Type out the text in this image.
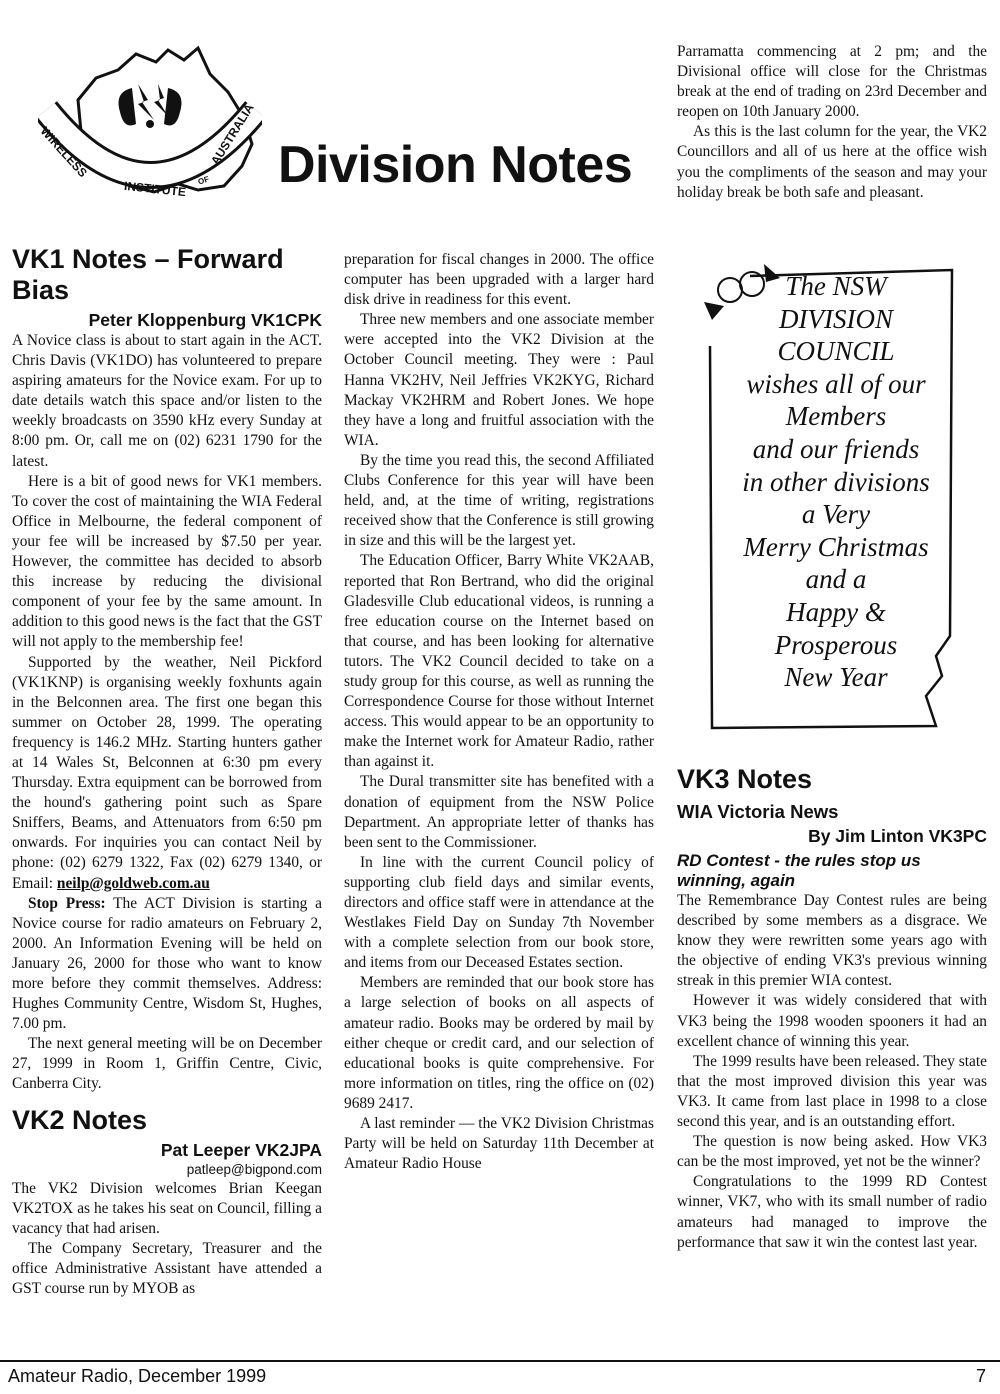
WIRELESS
INSTITUTE OF
AUSTRALIA Division Notes
VK1 Notes – Forward Bias

Peter Kloppenburg VK1CPK

A Novice class is about to start again in the ACT. Chris Davis (VK1DO) has volunteered to prepare aspiring amateurs for the Novice exam. For up to date details watch this space and/or listen to the weekly broadcasts on 3590 kHz every Sunday at 8:00 pm. Or, call me on (02) 6231 1790 for the latest.

Here is a bit of good news for VK1 members. To cover the cost of maintaining the WIA Federal Office in Melbourne, the federal component of your fee will be increased by $7.50 per year. However, the committee has decided to absorb this increase by reducing the divisional component of your fee by the same amount. In addition to this good news is the fact that the GST will not apply to the membership fee!

Supported by the weather, Neil Pickford (VK1KNP) is organising weekly foxhunts again in the Belconnen area. The first one began this summer on October 28, 1999. The operating frequency is 146.2 MHz. Starting hunters gather at 14 Wales St, Belconnen at 6:30 pm every Thursday. Extra equipment can be borrowed from the hound's gathering point such as Spare Sniffers, Beams, and Attenuators from 6:50 pm onwards. For inquiries you can contact Neil by phone: (02) 6279 1322, Fax (02) 6279 1340, or Email: neilp@goldweb.com.au

Stop Press: The ACT Division is starting a Novice course for radio amateurs on February 2, 2000. An Information Evening will be held on January 26, 2000 for those who want to know more before they commit themselves. Address: Hughes Community Centre, Wisdom St, Hughes, 7.00 pm.

The next general meeting will be on December 27, 1999 in Room 1, Griffin Centre, Civic, Canberra City.

VK2 Notes

Pat Leeper VK2JPA

patleep@bigpond.com

The VK2 Division welcomes Brian Keegan VK2TOX as he takes his seat on Council, filling a vacancy that had arisen.

The Company Secretary, Treasurer and the office Administrative Assistant have attended a GST course run by MYOB as

preparation for fiscal changes in 2000. The office computer has been upgraded with a larger hard disk drive in readiness for this event.

Three new members and one associate member were accepted into the VK2 Division at the October Council meeting. They were : Paul Hanna VK2HV, Neil Jeffries VK2KYG, Richard Mackay VK2HRM and Robert Jones. We hope they have a long and fruitful association with the WIA.

By the time you read this, the second Affiliated Clubs Conference for this year will have been held, and, at the time of writing, registrations received show that the Conference is still growing in size and this will be the largest yet.

The Education Officer, Barry White VK2AAB, reported that Ron Bertrand, who did the original Gladesville Club educational videos, is running a free education course on the Internet based on that course, and has been looking for alternative tutors. The VK2 Council decided to take on a study group for this course, as well as running the Correspondence Course for those without Internet access. This would appear to be an opportunity to make the Internet work for Amateur Radio, rather than against it.

The Dural transmitter site has benefited with a donation of equipment from the NSW Police Department. An appropriate letter of thanks has been sent to the Commissioner.

In line with the current Council policy of supporting club field days and similar events, directors and office staff were in attendance at the Westlakes Field Day on Sunday 7th November with a complete selection from our book store, and items from our Deceased Estates section.

Members are reminded that our book store has a large selection of books on all aspects of amateur radio. Books may be ordered by mail by either cheque or credit card, and our selection of educational books is quite comprehensive. For more information on titles, ring the office on (02) 9689 2417.

A last reminder — the VK2 Division Christmas Party will be held on Saturday 11th December at Amateur Radio House

Parramatta commencing at 2 pm; and the Divisional office will close for the Christmas break at the end of trading on 23rd December and reopen on 10th January 2000.

As this is the last column for the year, the VK2 Councillors and all of us here at the office wish you the compliments of the season and may your holiday break be both safe and pleasant.

The NSW
DIVISION
COUNCIL
wishes all of our
Members
and our friends
in other divisions
a Very
Merry Christmas
and a
Happy &
Prosperous
New Year
VK3 Notes

WIA Victoria News

By Jim Linton VK3PC

RD Contest - the rules stop us winning, again

The Remembrance Day Contest rules are being described by some members as a disgrace. We know they were rewritten some years ago with the objective of ending VK3's previous winning streak in this premier WIA contest.

However it was widely considered that with VK3 being the 1998 wooden spooners it had an excellent chance of winning this year.

The 1999 results have been released. They state that the most improved division this year was VK3. It came from last place in 1998 to a close second this year, and is an outstanding effort.

The question is now being asked. How VK3 can be the most improved, yet not be the winner?

Congratulations to the 1999 RD Contest winner, VK7, who with its small number of radio amateurs had managed to improve the performance that saw it win the contest last year.

Amateur Radio, December 1999	7
